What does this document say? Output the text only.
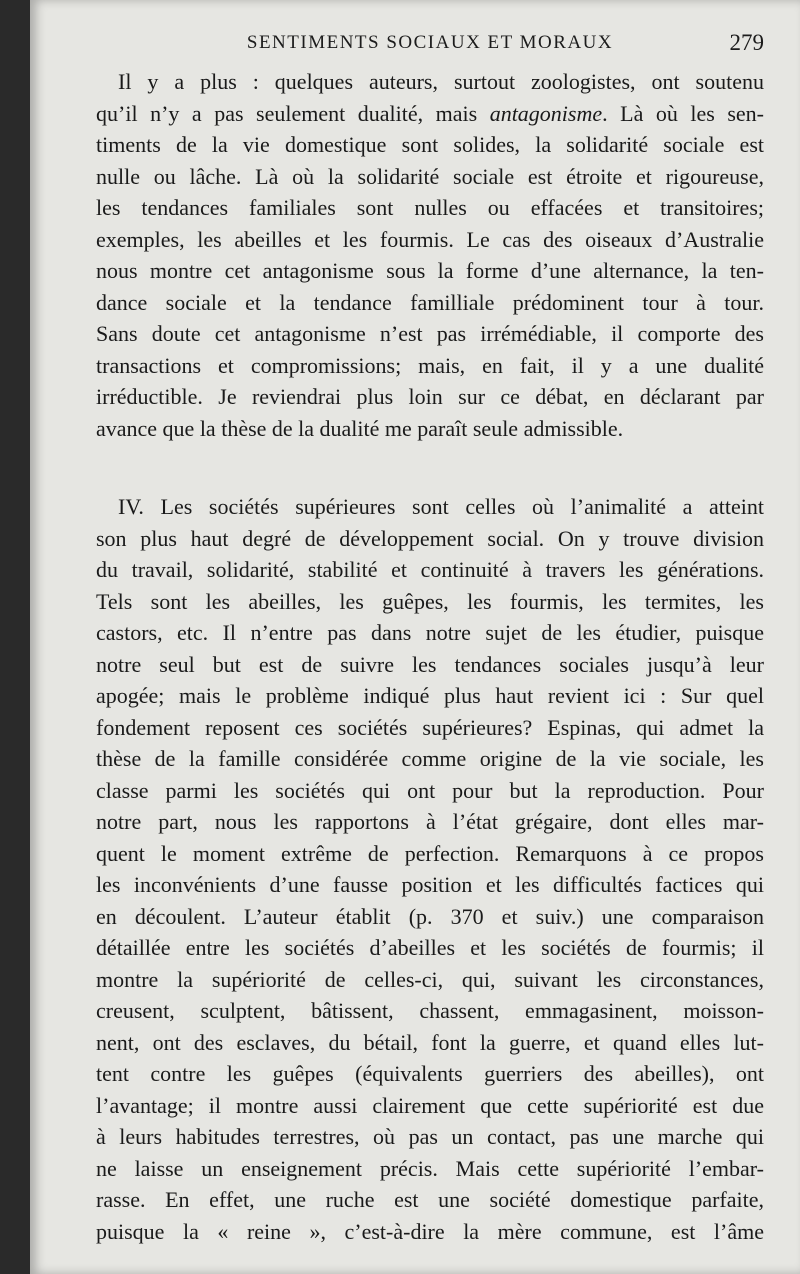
SENTIMENTS SOCIAUX ET MORAUX	279
Il y a plus : quelques auteurs, surtout zoologistes, ont soutenu
qu’il n’y a pas seulement dualité, mais antagonisme. Là où les sen-
timents de la vie domestique sont solides, la solidarité sociale est
nulle ou lâche. Là où la solidarité sociale est étroite et rigoureuse,
les tendances familiales sont nulles ou effacées et transitoires;
exemples, les abeilles et les fourmis. Le cas des oiseaux d’Australie
nous montre cet antagonisme sous la forme d’une alternance, la ten-
dance sociale et la tendance familliale prédominent tour à tour.
Sans doute cet antagonisme n’est pas irrémédiable, il comporte des
transactions et compromissions; mais, en fait, il y a une dualité
irréductible. Je reviendrai plus loin sur ce débat, en déclarant par
avance que la thèse de la dualité me paraît seule admissible.
IV. Les sociétés supérieures sont celles où l’animalité a atteint
son plus haut degré de développement social. On y trouve division
du travail, solidarité, stabilité et continuité à travers les générations.
Tels sont les abeilles, les guêpes, les fourmis, les termites, les
castors, etc. Il n’entre pas dans notre sujet de les étudier, puisque
notre seul but est de suivre les tendances sociales jusqu’à leur
apogée; mais le problème indiqué plus haut revient ici : Sur quel
fondement reposent ces sociétés supérieures? Espinas, qui admet la
thèse de la famille considérée comme origine de la vie sociale, les
classe parmi les sociétés qui ont pour but la reproduction. Pour
notre part, nous les rapportons à l’état grégaire, dont elles mar-
quent le moment extrême de perfection. Remarquons à ce propos
les inconvénients d’une fausse position et les difficultés factices qui
en découlent. L’auteur établit (p. 370 et suiv.) une comparaison
détaillée entre les sociétés d’abeilles et les sociétés de fourmis; il
montre la supériorité de celles-ci, qui, suivant les circonstances,
creusent, sculptent, bâtissent, chassent, emmagasinent, moisson-
nent, ont des esclaves, du bétail, font la guerre, et quand elles lut-
tent contre les guêpes (équivalents guerriers des abeilles), ont
l’avantage; il montre aussi clairement que cette supériorité est due
à leurs habitudes terrestres, où pas un contact, pas une marche qui
ne laisse un enseignement précis. Mais cette supériorité l’embar-
rasse. En effet, une ruche est une société domestique parfaite,
puisque la « reine », c’est-à-dire la mère commune, est l’âme
